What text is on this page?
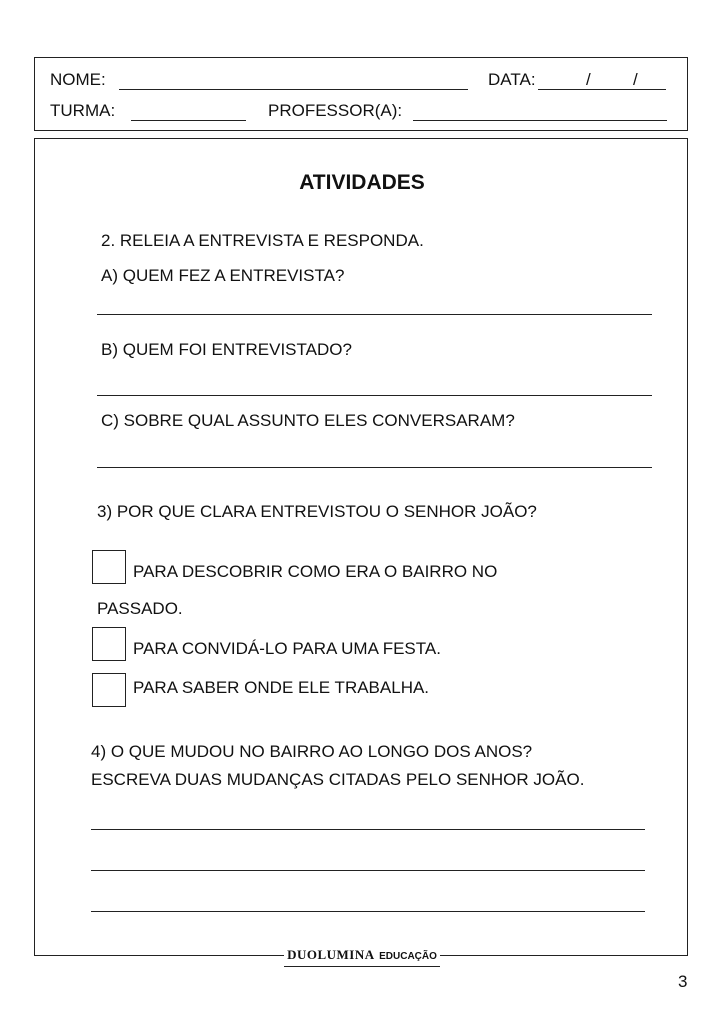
NOME:	DATA:	/ /
TURMA:	PROFESSOR(A):
ATIVIDADES
2. RELEIA A ENTREVISTA E RESPONDA.
A) QUEM FEZ A ENTREVISTA?
B) QUEM FOI ENTREVISTADO?
C) SOBRE QUAL ASSUNTO ELES CONVERSARAM?
3) POR QUE CLARA ENTREVISTOU O SENHOR JOÃO?
PARA DESCOBRIR COMO ERA O BAIRRO NO
PASSADO.
PARA CONVIDÁ-LO PARA UMA FESTA.
PARA SABER ONDE ELE TRABALHA.
4) O QUE MUDOU NO BAIRRO AO LONGO DOS ANOS?
ESCREVA DUAS MUDANÇAS CITADAS PELO SENHOR JOÃO.
DUOLUMINA EDUCAÇÃO
3
